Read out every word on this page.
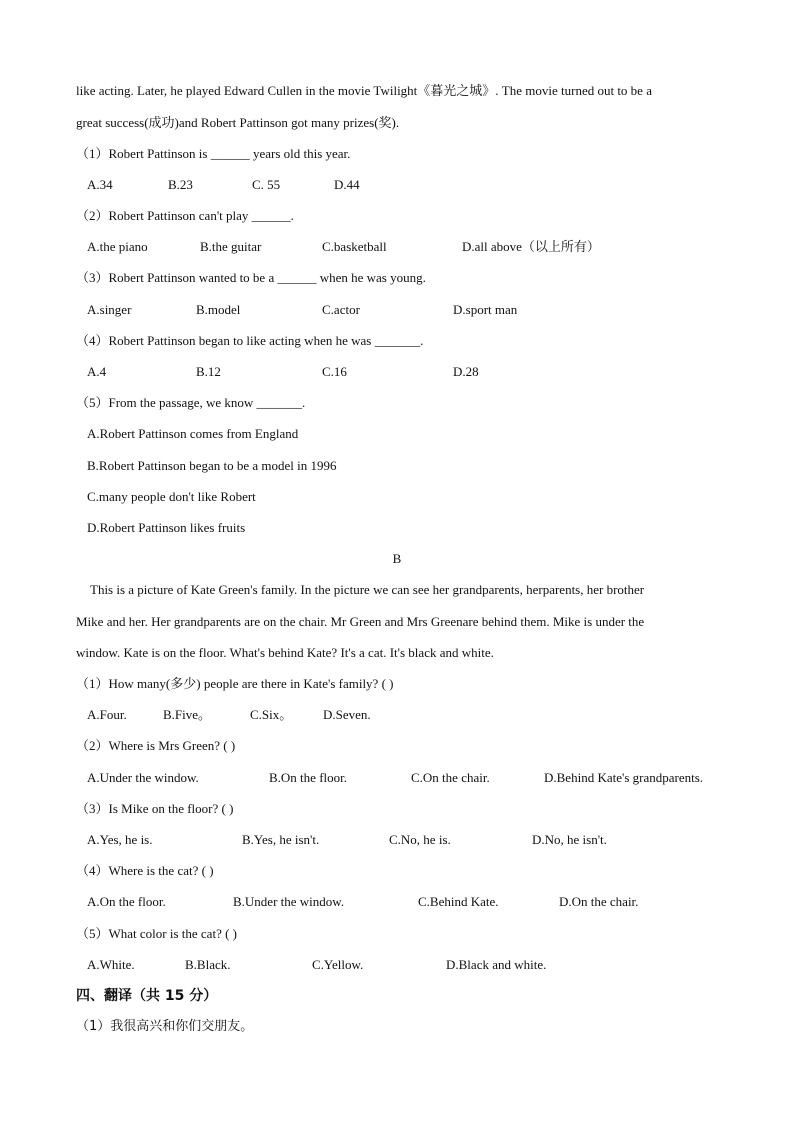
like acting. Later, he played Edward Cullen in the movie Twilight《暮光之城》. The movie turned out to be a
great success(成功)and Robert Pattinson got many prizes(奖).
（1）Robert Pattinson is ______ years old this year.
A.34	B.23	C. 55	D.44
（2）Robert Pattinson can't play ______.
A.the piano	B.the guitar	C.basketball	D.all above（以上所有）
（3）Robert Pattinson wanted to be a ______ when he was young.
A.singer	B.model	C.actor	D.sport man
（4）Robert Pattinson began to like acting when he was _______.
A.4	B.12	C.16	D.28
（5）From the passage, we know _______.
A.Robert Pattinson comes from England
B.Robert Pattinson began to be a model in 1996
C.many people don't like Robert
D.Robert Pattinson likes fruits
B
This is a picture of Kate Green's family. In the picture we can see her grandparents, herparents, her brother
Mike and her. Her grandparents are on the chair. Mr Green and Mrs Greenare behind them. Mike is under the
window. Kate is on the floor. What's behind Kate? It's a cat. It's black and white.
（1）How many(多少) people are there in Kate's family? ( )
A.Four.	B.Five。	C.Six。 D.Seven.
（2）Where is Mrs Green? ( )
A.Under the window.	B.On the floor.	C.On the chair.	D.Behind Kate's grandparents.
（3）Is Mike on the floor? ( )
A.Yes, he is.	B.Yes, he isn't.	C.No, he is.	D.No, he isn't.
（4）Where is the cat? ( )
A.On the floor.	B.Under the window.	C.Behind Kate.	D.On the chair.
（5）What color is the cat? ( )
A.White.	B.Black.	C.Yellow.	D.Black and white.
四、翻译（共 15 分）
（1）我很高兴和你们交朋友。
